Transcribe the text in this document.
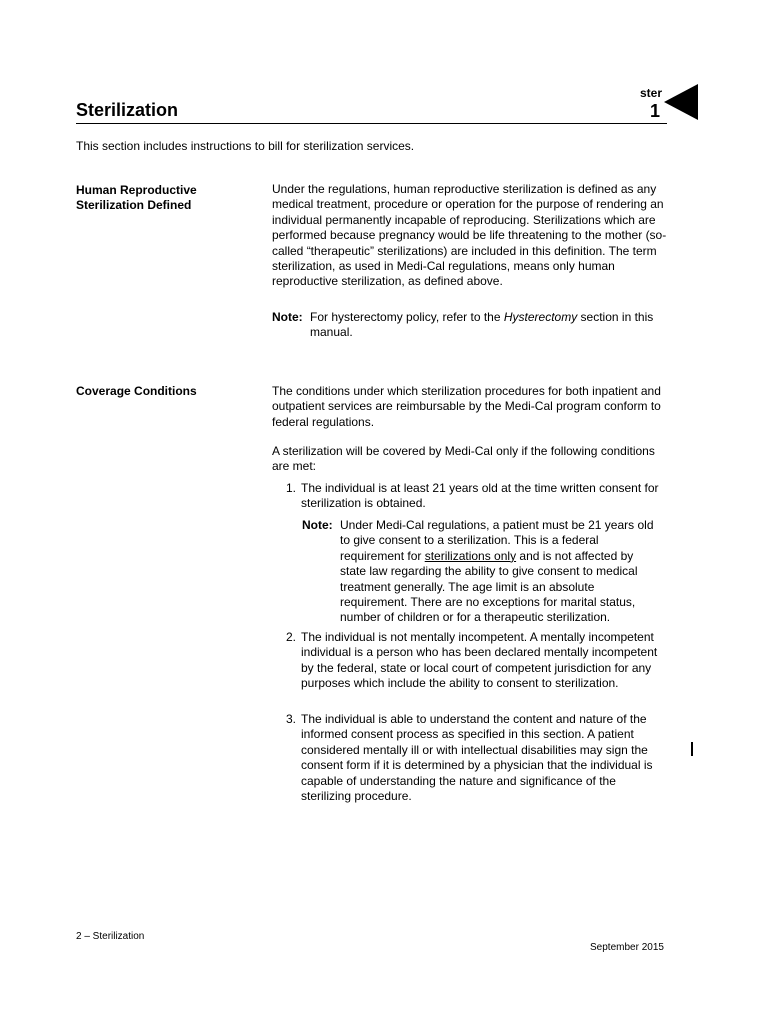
ster
Sterilization	1
This section includes instructions to bill for sterilization services.
Human Reproductive
Sterilization Defined

Under the regulations, human reproductive sterilization is defined as any medical treatment, procedure or operation for the purpose of rendering an individual permanently incapable of reproducing. Sterilizations which are performed because pregnancy would be life threatening to the mother (so-called “therapeutic” sterilizations) are included in this definition. The term sterilization, as used in Medi-Cal regulations, means only human reproductive sterilization, as defined above.

Note: For hysterectomy policy, refer to the Hysterectomy section in this manual.
Coverage Conditions	The conditions under which sterilization procedures for both inpatient and outpatient services are reimbursable by the Medi-Cal program conform to federal regulations.

A sterilization will be covered by Medi-Cal only if the following conditions are met:

1. The individual is at least 21 years old at the time written consent for sterilization is obtained.
Note: Under Medi-Cal regulations, a patient must be 21 years old to give consent to a sterilization. This is a federal requirement for sterilizations only and is not affected by state law regarding the ability to give consent to medical treatment generally. The age limit is an absolute requirement. There are no exceptions for marital status, number of children or for a therapeutic sterilization.
2. The individual is not mentally incompetent. A mentally incompetent individual is a person who has been declared mentally incompetent by the federal, state or local court of competent jurisdiction for any purposes which include the ability to consent to sterilization.
3. The individual is able to understand the content and nature of the informed consent process as specified in this section. A patient considered mentally ill or with intellectual disabilities may sign the consent form if it is determined by a physician that the individual is capable of understanding the nature and significance of the sterilizing procedure.
2 – Sterilization
September 2015
